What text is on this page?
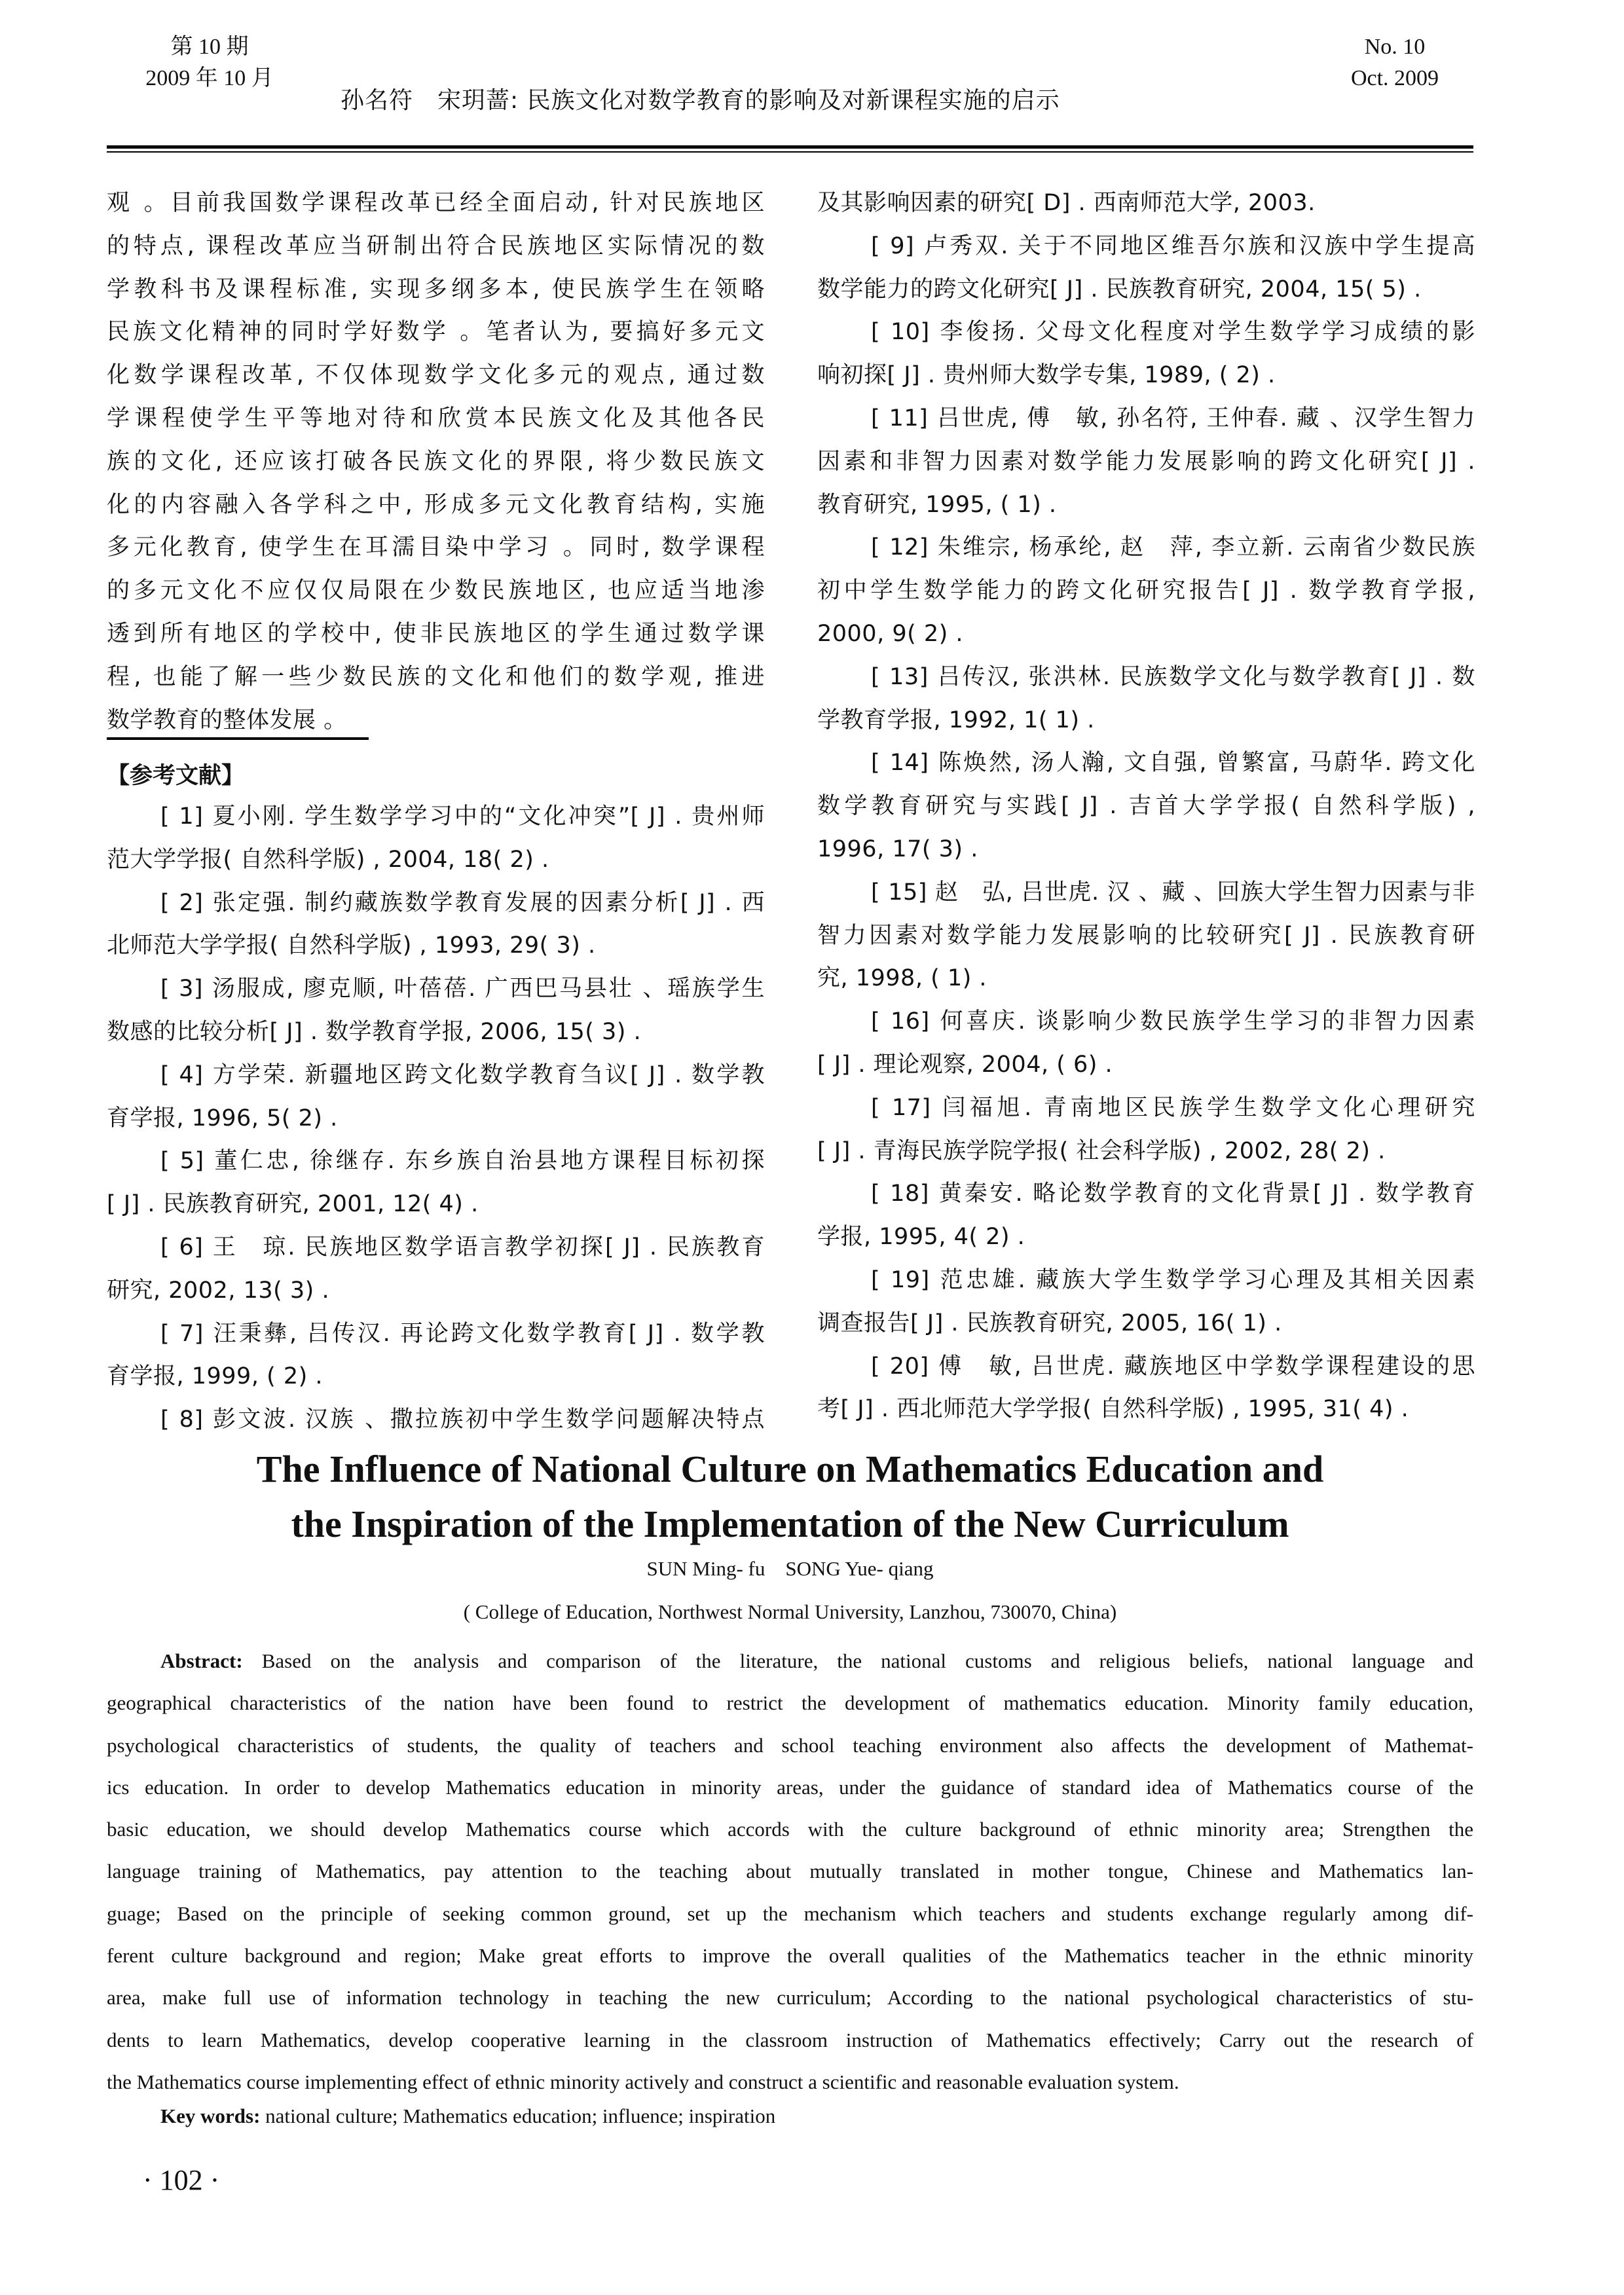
第 10 期
2009 年 10 月
孙名符　宋玥蔷: 民族文化对数学教育的影响及对新课程实施的启示
No. 10
Oct. 2009
观 。目前我国数学课程改革已经全面启动, 针对民族地区
的特点, 课程改革应当研制出符合民族地区实际情况的数
学教科书及课程标准, 实现多纲多本, 使民族学生在领略
民族文化精神的同时学好数学 。笔者认为, 要搞好多元文
化数学课程改革, 不仅体现数学文化多元的观点, 通过数
学课程使学生平等地对待和欣赏本民族文化及其他各民
族的文化, 还应该打破各民族文化的界限, 将少数民族文
化的内容融入各学科之中, 形成多元文化教育结构, 实施
多元化教育, 使学生在耳濡目染中学习 。同时, 数学课程
的多元文化不应仅仅局限在少数民族地区, 也应适当地渗
透到所有地区的学校中, 使非民族地区的学生通过数学课
程, 也能了解一些少数民族的文化和他们的数学观, 推进
数学教育的整体发展 。
【参考文献】
[ 1] 夏小刚. 学生数学学习中的“文化冲突”[ J] . 贵州师
范大学学报( 自然科学版) , 2004, 18( 2) .
[ 2] 张定强. 制约藏族数学教育发展的因素分析[ J] . 西
北师范大学学报( 自然科学版) , 1993, 29( 3) .
[ 3] 汤服成, 廖克顺, 叶蓓蓓. 广西巴马县壮 、瑶族学生
数感的比较分析[ J] . 数学教育学报, 2006, 15( 3) .
[ 4] 方学荣. 新疆地区跨文化数学教育刍议[ J] . 数学教
育学报, 1996, 5( 2) .
[ 5] 董仁忠, 徐继存. 东乡族自治县地方课程目标初探
[ J] . 民族教育研究, 2001, 12( 4) .
[ 6] 王　琼. 民族地区数学语言教学初探[ J] . 民族教育
研究, 2002, 13( 3) .
[ 7] 汪秉彝, 吕传汉. 再论跨文化数学教育[ J] . 数学教
育学报, 1999, ( 2) .
[ 8] 彭文波. 汉族 、撒拉族初中学生数学问题解决特点
及其影响因素的研究[ D] . 西南师范大学, 2003.
[ 9] 卢秀双. 关于不同地区维吾尔族和汉族中学生提高
数学能力的跨文化研究[ J] . 民族教育研究, 2004, 15( 5) .
[ 10] 李俊扬. 父母文化程度对学生数学学习成绩的影
响初探[ J] . 贵州师大数学专集, 1989, ( 2) .
[ 11] 吕世虎, 傅　敏, 孙名符, 王仲春. 藏 、汉学生智力
因素和非智力因素对数学能力发展影响的跨文化研究[ J] .
教育研究, 1995, ( 1) .
[ 12] 朱维宗, 杨承纶, 赵　萍, 李立新. 云南省少数民族
初中学生数学能力的跨文化研究报告[ J] . 数学教育学报,
2000, 9( 2) .
[ 13] 吕传汉, 张洪林. 民族数学文化与数学教育[ J] . 数
学教育学报, 1992, 1( 1) .
[ 14] 陈焕然, 汤人瀚, 文自强, 曾繁富, 马蔚华. 跨文化
数学教育研究与实践[ J] . 吉首大学学报( 自然科学版) ,
1996, 17( 3) .
[ 15] 赵　弘, 吕世虎. 汉 、藏 、回族大学生智力因素与非
智力因素对数学能力发展影响的比较研究[ J] . 民族教育研
究, 1998, ( 1) .
[ 16] 何喜庆. 谈影响少数民族学生学习的非智力因素
[ J] . 理论观察, 2004, ( 6) .
[ 17] 闫福旭. 青南地区民族学生数学文化心理研究
[ J] . 青海民族学院学报( 社会科学版) , 2002, 28( 2) .
[ 18] 黄秦安. 略论数学教育的文化背景[ J] . 数学教育
学报, 1995, 4( 2) .
[ 19] 范忠雄. 藏族大学生数学学习心理及其相关因素
调查报告[ J] . 民族教育研究, 2005, 16( 1) .
[ 20] 傅　敏, 吕世虎. 藏族地区中学数学课程建设的思
考[ J] . 西北师范大学学报( 自然科学版) , 1995, 31( 4) .
The Influence of National Culture on Mathematics Education and
the Inspiration of the Implementation of the New Curriculum
SUN Ming- fu　SONG Yue- qiang
( College of Education, Northwest Normal University, Lanzhou, 730070, China)
Abstract: Based on the analysis and comparison of the literature, the national customs and religious beliefs, national language and
geographical characteristics of the nation have been found to restrict the development of mathematics education. Minority family education,
psychological characteristics of students, the quality of teachers and school teaching environment also affects the development of Mathemat-
ics education. In order to develop Mathematics education in minority areas, under the guidance of standard idea of Mathematics course of the
basic education, we should develop Mathematics course which accords with the culture background of ethnic minority area; Strengthen the
language training of Mathematics, pay attention to the teaching about mutually translated in mother tongue, Chinese and Mathematics lan-
guage; Based on the principle of seeking common ground, set up the mechanism which teachers and students exchange regularly among dif-
ferent culture background and region; Make great efforts to improve the overall qualities of the Mathematics teacher in the ethnic minority
area, make full use of information technology in teaching the new curriculum; According to the national psychological characteristics of stu-
dents to learn Mathematics, develop cooperative learning in the classroom instruction of Mathematics effectively; Carry out the research of
the Mathematics course implementing effect of ethnic minority actively and construct a scientific and reasonable evaluation system.
Key words: national culture; Mathematics education; influence; inspiration
· 102 ·
